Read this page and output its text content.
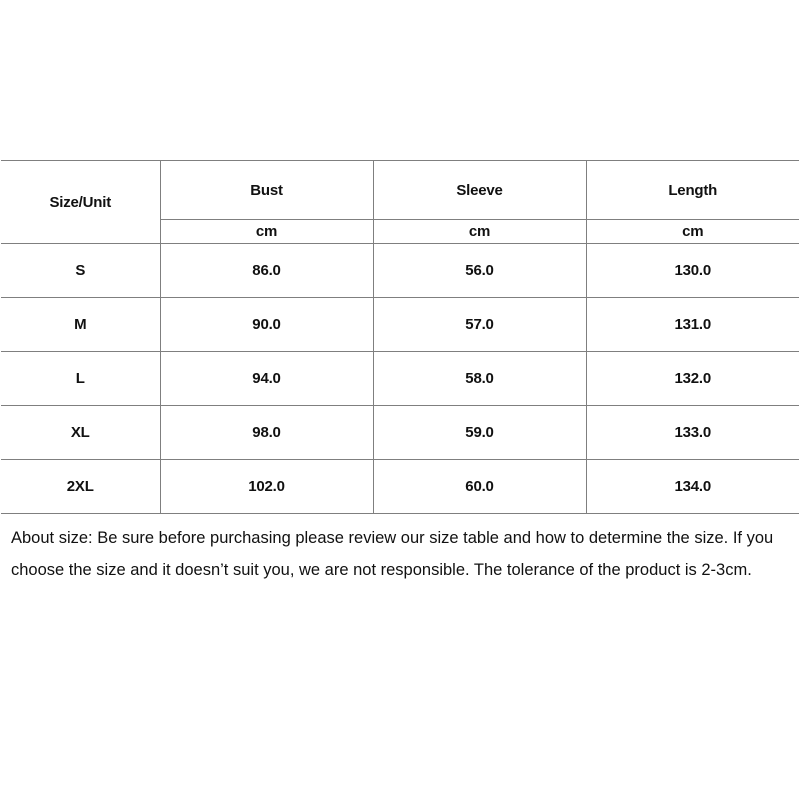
Size/Unit	Bust	Sleeve	Length
	cm	cm	cm
S	86.0	56.0	130.0
M	90.0	57.0	131.0
L	94.0	58.0	132.0
XL	98.0	59.0	133.0
2XL	102.0	60.0	134.0

About size: Be sure before purchasing please review our size table and how to determine the size. If you choose the size and it doesn’t suit you, we are not responsible. The tolerance of the product is 2-3cm.
